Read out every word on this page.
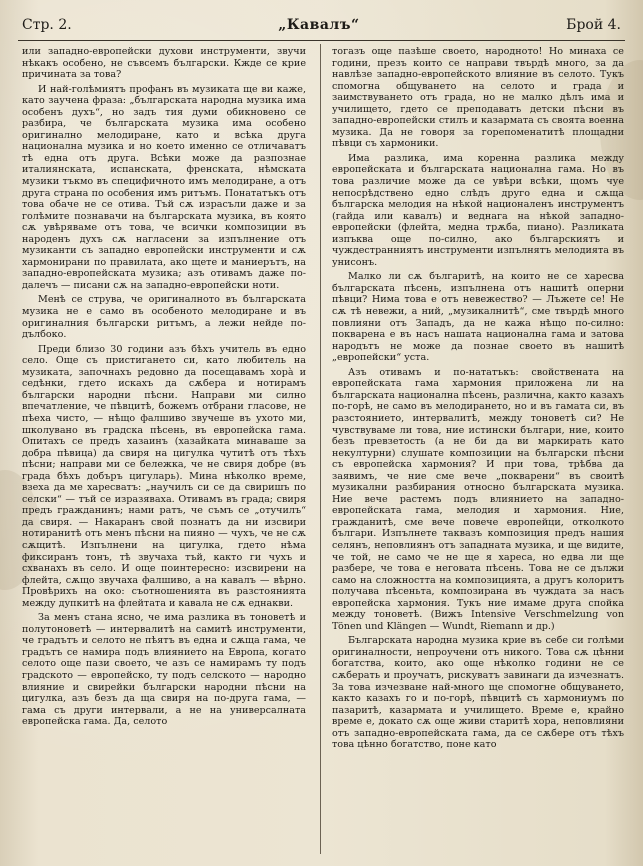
Стр. 2.	„Кавалъ“	Брой 4.

или западно-европейски духови инструменти, звучи нѣкакъ особено, не съвсемъ български. Кжде се крие причината за това?

И най-голѣмиятъ профанъ въ музиката ще ви каже, като заучена фраза: „българската народна музика има особенъ духъ“, но задъ тия думи обикновено се разбира, че българската музика има особено оригинално мелодиране, като и всѣка друга национална музика и но което именно се отличаватъ тѣ една отъ друга. Всѣки може да разпознае италиянската, испанската, френската, нѣмската музики тъкмо въ специфичното имъ мелодиране, а отъ друга страна по особения имъ ритъмъ. Понататъкъ отъ това обаче не се отива. Тъй сѫ израсъли даже и за голѣмите познавачи на българската музика, въ която сѫ увѣряваме отъ това, че всички композиции въ народенъ духъ сѫ нагласени за изпълнение отъ музиканти съ западно европейски инструменти и сѫ хармонирани по правилата, ако щете и маниерътъ, на западно-европейската музика; азъ отивамъ даже по-далечъ — писани сѫ на западно-европейски ноти.

Менѣ се струва, че оригиналното въ българската музика не е само въ особеното мелодиране и въ оригиналния български ритъмъ, а лежи нейде по-дълбоко.

Преди близо 30 години азъ бѣхъ учитель въ едно село. Още съ пристигането си, като любитель на музиката, започнахъ редовно да посещавамъ хорà и седѣнки, гдето искахъ да сѫбера и нотирамъ български народни пѣсни. Направи ми силно впечатление, че пѣвцитѣ, божемъ отбрани гласове, не пѣеха чисто, — нѣщо фалшиво звучеше въ ухото ми, школувано въ градска пѣсень, въ европейска гама. Опитахъ се предъ хазаинъ (хазайката минаваше за добра пѣвица) да свиря на цигулка чутитѣ отъ тѣхъ пѣсни; направи ми се бележка, че не свиря добре (въ града бѣхъ добъръ цигуларь). Мина нѣколко време, взеха да ме харесватъ: „научилъ си се да свиришъ по селски“ — тъй се изразяваха. Отивамъ въ града; свиря предъ гражданинъ; нами ратъ, че съмъ се „отучилъ“ да свиря. — Накаранъ свой познатъ да ни изсвири нотиранитѣ отъ менъ пѣсни на пияно — чухъ, че не сѫ сѫщитѣ. Изпълнени на цигулка, гдето нѣма фиксиранъ тонъ, тѣ звучаха тъй, както ги чухъ и схванахъ въ село. И още поинтересно: изсвирени на флейта, сѫщо звучаха фалшиво, а на кавалъ — вѣрно. Провѣрихъ на око: съотношенията въ разстоянията между дупкитѣ на флейтата и кавала не сѫ еднакви.

За менъ стана ясно, че има разлика въ тоноветѣ и полутоноветѣ — интервалитѣ на самитѣ инструменти, че градътъ и селото не пѣятъ въ една и сѫща гама, че градътъ се намира подъ влиянието на Европа, когато селото още пази своето, че азъ се намирамъ ту подъ градското — европейско, ту подъ селското — народно влияние и свирейки български народни пѣсни на цигулка, азъ безъ да ща свиря на по-друга гама, — гама съ други интервали, а не на универсалната европейска гама. Да, селото

тогазъ още пазѣше своето, народното! Но минаха се години, презъ които се направи твърдѣ много, за да навлѣзе западно-европейското влияние въ селото. Тукъ спомогна общуването на селото и града и заимствуването отъ града, но не малко дѣлъ има и училището, гдето се преподаватъ детски пѣсни въ западно-европейски стилъ и казармата съ своята военна музика. Да не говоря за горепоменатитѣ площадни пѣвци съ хармоники.

Има разлика, има коренна разлика между европейската и българската национална гама. Но въ това различие може да се увѣри всѣки, щомъ чуе непосрѣдствено едно слѣдъ друго една и сѫща българска мелодия на нѣкой националенъ инструментъ (гайда или кавалъ) и веднага на нѣкой западно-европейски (флейта, медна трѫба, пиано). Разликата изпъква още по-силно, ако българскиятъ и чуждестранниятъ инструменти изпълнятъ мелодията въ унисонъ.

Малко ли сѫ българитѣ, на които не се харесва българската пѣсень, изпълнена отъ нашитѣ оперни пѣвци? Нима това е отъ невежество? — Лъжете се! Не сѫ тѣ невежи, а ний, „музикалнитѣ“, сме твърдѣ много повлияни отъ Западъ, да не кажа нѣщо по-силно: покварена е въ насъ нашата национална гама и затова народътъ не може да познае своето въ нашитѣ „европейски“ уста.

Азъ отивамъ и по-нататъкъ: свойствената на европейската гама хармония приложена ли на българската национална пѣсень, различна, както казахъ по-горѣ, не само въ мелодирането, но и въ гамата си, въ разстоянието, интервалитѣ, между тоноветѣ си? Не чувствуваме ли това, ние истински българи, ние, които безъ превзетость (а не би да ви маркирать като некултурни) слушате композиции на български пѣсни съ европейска хармония? И при това, трѣбва да заявимъ, че ние сме вече „покварени“ въ своитѣ музикални разбирания относно българската музика. Ние вече растемъ подъ влиянието на западно-европейската гама, мелодия и хармония. Ние, гражданитѣ, сме вече повече европейци, отколкото българи. Изпълнете таквазъ композиция предъ нашия селянъ, неповлиянъ отъ западната музика, и ще видите, че той, не само че не ще я хареса, но едва ли ще разбере, че това е неговата пѣсень. Това не се дължи само на сложността на композицията, а другъ колоритъ получава пѣсеньта, композирана въ чуждата за насъ европейска хармония. Тукъ ние имаме друга спойка между тоноветѣ. (Вижъ Intensive Verschmelzung von Tönen und Klängen — Wundt, Riemann и др.)

Българската народна музика крие въ себе си голѣми оригиналности, непроучени отъ никого. Това сѫ цѣнни богатства, които, ако още нѣколко години не се сѫберать и проучатъ, рискуватъ завинаги да изчезнатъ. За това изчезване най-много ще спомогне общуването, както казахъ го и по-горѣ, пѣвцитѣ съ хармониумъ по пазаритѣ, казармата и училището. Време е, крайно време е, докато сѫ още живи старитѣ хора, неповлияни отъ западно-европейската гама, да се сѫбере отъ тѣхъ това цѣнно богатство, поне като
